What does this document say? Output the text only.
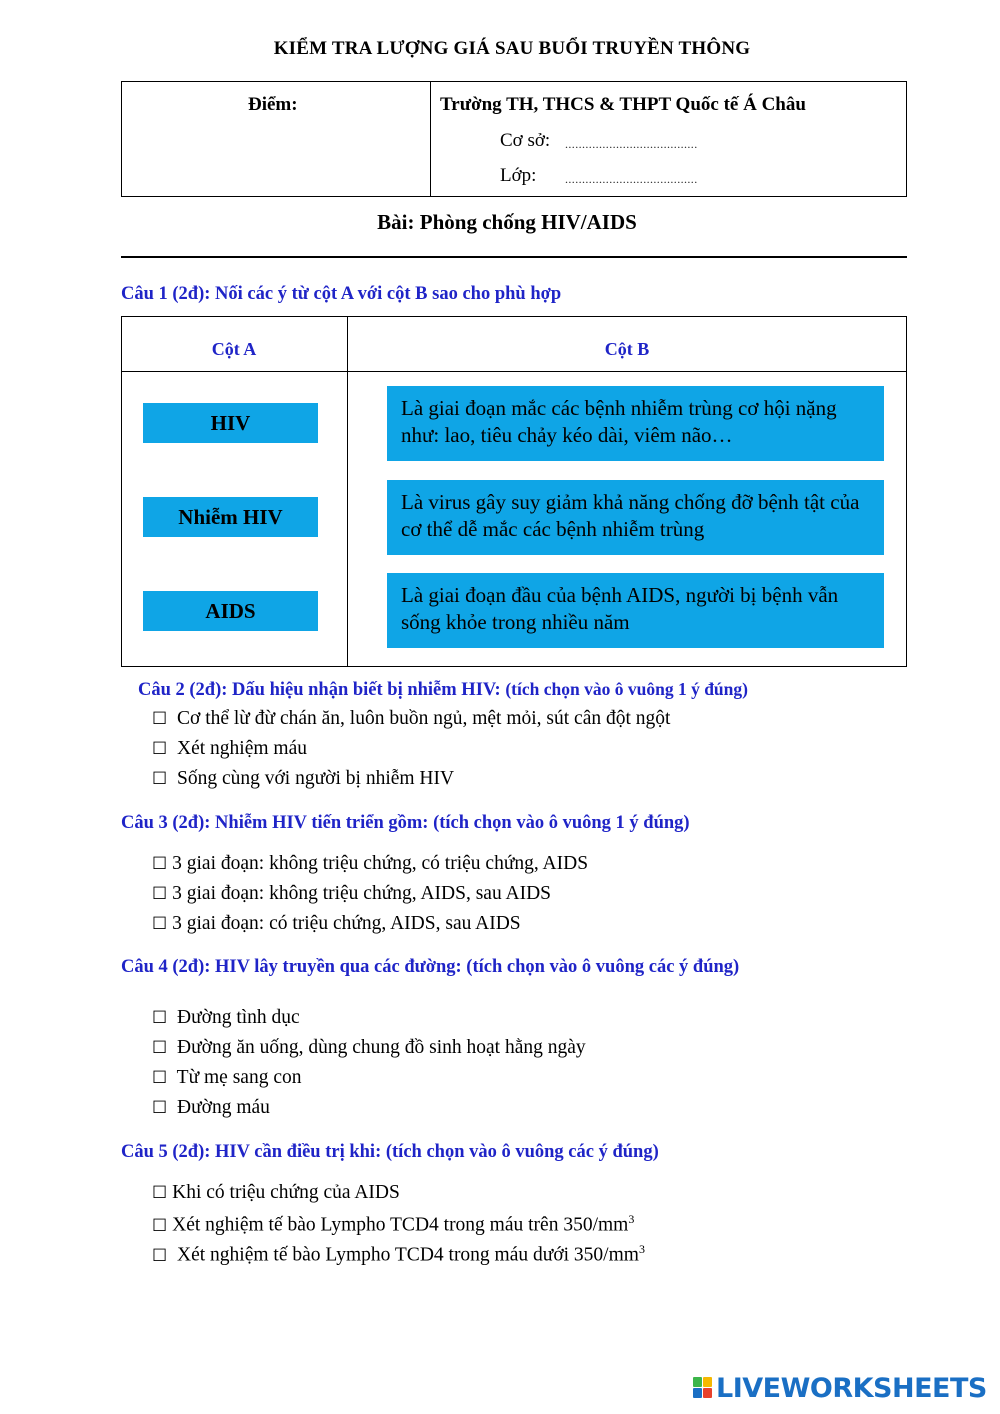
KIỂM TRA LƯỢNG GIÁ SAU BUỔI TRUYỀN THÔNG
Điểm:	Trường TH, THCS & THPT Quốc tế Á Châu
Cơ sở: .......................................
Lớp: .......................................
Bài: Phòng chống HIV/AIDS
Câu 1 (2đ): Nối các ý từ cột A với cột B sao cho phù hợp
Cột A	Cột B
HIV
Nhiễm HIV
AIDS
Là giai đoạn mắc các bệnh nhiễm trùng cơ hội nặng như: lao, tiêu chảy kéo dài, viêm não…
Là virus gây suy giảm khả năng chống đỡ bệnh tật của cơ thể dễ mắc các bệnh nhiễm trùng
Là giai đoạn đầu của bệnh AIDS, người bị bệnh vẫn sống khỏe trong nhiều năm
Câu 2 (2đ): Dấu hiệu nhận biết bị nhiễm HIV: (tích chọn vào ô vuông 1 ý đúng)
☐ Cơ thể lừ đừ chán ăn, luôn buồn ngủ, mệt mỏi, sút cân đột ngột
☐ Xét nghiệm máu
☐ Sống cùng với người bị nhiễm HIV
Câu 3 (2đ): Nhiễm HIV tiến triển gồm: (tích chọn vào ô vuông 1 ý đúng)
☐ 3 giai đoạn: không triệu chứng, có triệu chứng, AIDS
☐ 3 giai đoạn: không triệu chứng, AIDS, sau AIDS
☐ 3 giai đoạn: có triệu chứng, AIDS, sau AIDS
Câu 4 (2đ): HIV lây truyền qua các đường: (tích chọn vào ô vuông các ý đúng)
☐ Đường tình dục
☐ Đường ăn uống, dùng chung đồ sinh hoạt hằng ngày
☐ Từ mẹ sang con
☐ Đường máu
Câu 5 (2đ): HIV cần điều trị khi: (tích chọn vào ô vuông các ý đúng)
☐ Khi có triệu chứng của AIDS
☐ Xét nghiệm tế bào Lympho TCD4 trong máu trên $350/mm^3$
☐ Xét nghiệm tế bào Lympho TCD4 trong máu dưới $350/mm^3$
LIVEWORKSHEETS
